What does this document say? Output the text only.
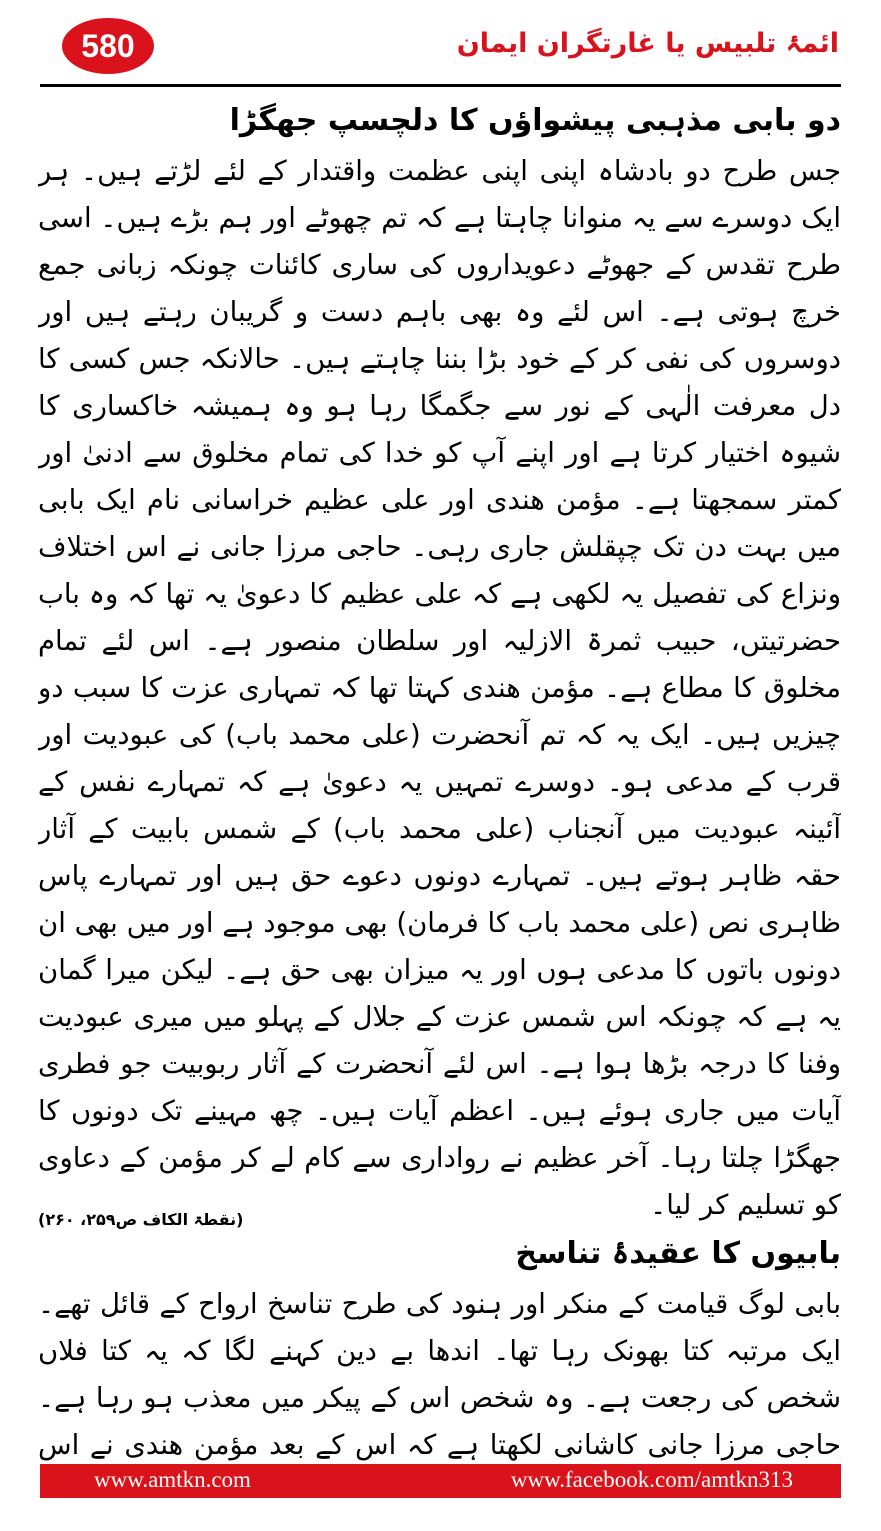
580	ائمۂ تلبیس یا غارتگران ایمان
دو بابی مذہبی پیشواؤں کا دلچسپ جھگڑا

جس طرح دو بادشاہ اپنی اپنی عظمت واقتدار کے لئے لڑتے ہیں۔ ہر ایک دوسرے سے یہ منوانا چاہتا ہے کہ تم چھوٹے اور ہم بڑے ہیں۔ اسی طرح تقدس کے جھوٹے دعویداروں کی ساری کائنات چونکہ زبانی جمع خرچ ہوتی ہے۔ اس لئے وہ بھی باہم دست و گریبان رہتے ہیں اور دوسروں کی نفی کر کے خود بڑا بننا چاہتے ہیں۔ حالانکہ جس کسی کا دل معرفت الٰہی کے نور سے جگمگا رہا ہو وہ ہمیشہ خاکساری کا شیوہ اختیار کرتا ہے اور اپنے آپ کو خدا کی تمام مخلوق سے ادنیٰ اور کمتر سمجھتا ہے۔ مؤمن ھندی اور علی عظیم خراسانی نام ایک بابی میں بہت دن تک چپقلش جاری رہی۔ حاجی مرزا جانی نے اس اختلاف ونزاع کی تفصیل یہ لکھی ہے کہ علی عظیم کا دعویٰ یہ تھا کہ وہ باب حضرتیتں، حبیب ثمرۃ الازلیہ اور سلطان منصور ہے۔ اس لئے تمام مخلوق کا مطاع ہے۔ مؤمن ھندی کہتا تھا کہ تمہاری عزت کا سبب دو چیزیں ہیں۔ ایک یہ کہ تم آنحضرت (علی محمد باب) کی عبودیت اور قرب کے مدعی ہو۔ دوسرے تمہیں یہ دعویٰ ہے کہ تمہارے نفس کے آئینہ عبودیت میں آنجناب (علی محمد باب) کے شمس بابیت کے آثار حقہ ظاہر ہوتے ہیں۔ تمہارے دونوں دعوے حق ہیں اور تمہارے پاس ظاہری نص (علی محمد باب کا فرمان) بھی موجود ہے اور میں بھی ان دونوں باتوں کا مدعی ہوں اور یہ میزان بھی حق ہے۔ لیکن میرا گمان یہ ہے کہ چونکہ اس شمس عزت کے جلال کے پہلو میں میری عبودیت وفنا کا درجہ بڑھا ہوا ہے۔ اس لئے آنحضرت کے آثار ربوبیت جو فطری آیات میں جاری ہوئے ہیں۔ اعظم آیات ہیں۔ چھ مہینے تک دونوں کا جھگڑا چلتا رہا۔ آخر عظیم نے رواداری سے کام لے کر مؤمن کے دعاوی کو تسلیم کر لیا۔
(نقطۃ الکاف ص۲۵۹، ۲۶۰)

بابیوں کا عقیدۂ تناسخ

بابی لوگ قیامت کے منکر اور ہنود کی طرح تناسخ ارواح کے قائل تھے۔ ایک مرتبہ کتا بھونک رہا تھا۔ اندھا بے دین کہنے لگا کہ یہ کتا فلاں شخص کی رجعت ہے۔ وہ شخص اس کے پیکر میں معذب ہو رہا ہے۔ حاجی مرزا جانی کاشانی لکھتا ہے کہ اس کے بعد مؤمن ھندی نے اس

www.amtkn.com	www.facebook.com/amtkn313
